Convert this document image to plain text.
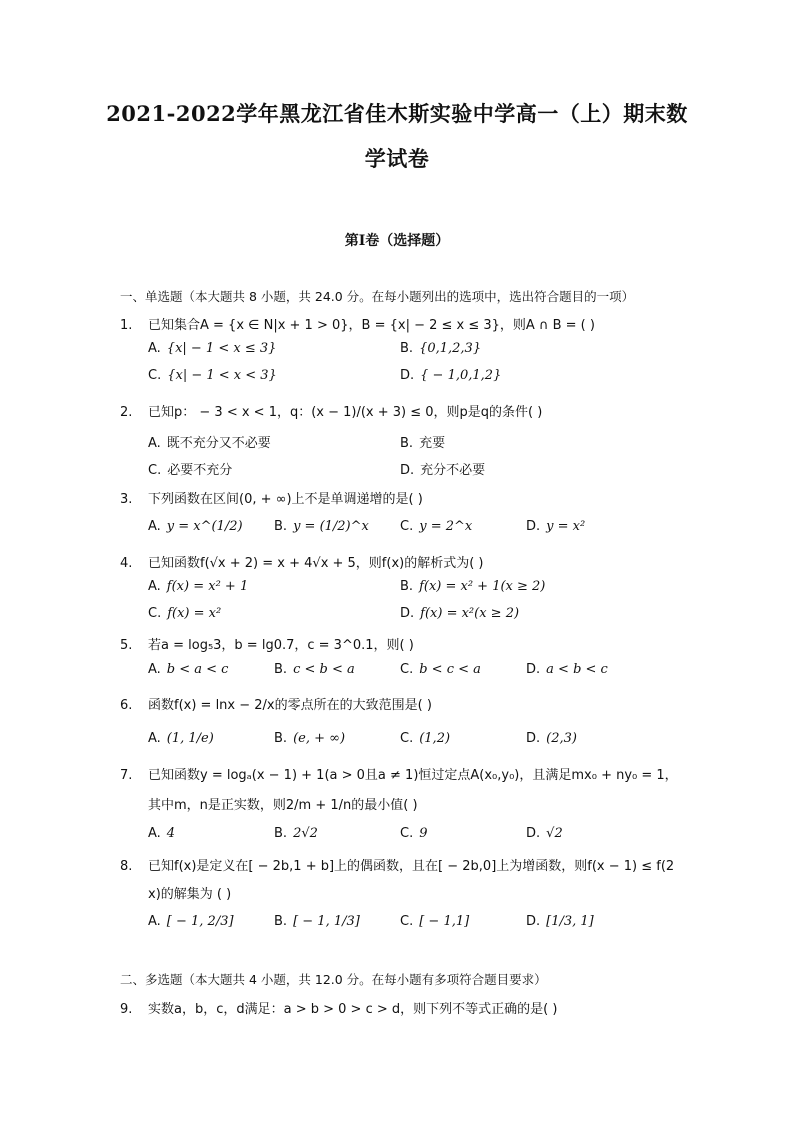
2021-2022学年黑龙江省佳木斯实验中学高一（上）期末数
学试卷
第Ⅰ卷（选择题）
一、单选题（本大题共 8 小题，共 24.0 分。在每小题列出的选项中，选出符合题目的一项）
1. 已知集合A = {x ∈ N|x + 1 > 0}，B = {x| − 2 ≤ x ≤ 3}，则A ∩ B = ( )
A. {x| − 1 < x ≤ 3}	B. {0,1,2,3}
C. {x| − 1 < x < 3}	D. { − 1,0,1,2}
2. 已知p： − 3 < x < 1，q：(x − 1)/(x + 3) ≤ 0，则p是q的条件( )
A. 既不充分又不必要	B. 充要
C. 必要不充分	D. 充分不必要
3. 下列函数在区间(0, + ∞)上不是单调递增的是( )
A. y = x^(1/2) B. y = (1/2)^x C. y = 2^x	D. y = x²
4. 已知函数f(√x + 2) = x + 4√x + 5，则f(x)的解析式为( )
A. f(x) = x² + 1	B. f(x) = x² + 1(x ≥ 2)
C. f(x) = x²	D. f(x) = x²(x ≥ 2)
5. 若a = log₅3，b = lg0.7，c = 3^0.1，则( )
A. b < a < c	B. c < b < a	C. b < c < a	D. a < b < c
6. 函数f(x) = lnx − 2/x的零点所在的大致范围是( )
A. (1, 1/e)	B. (e, + ∞)	C. (1,2)	D. (2,3)
7. 已知函数y = logₐ(x − 1) + 1(a > 0且a ≠ 1)恒过定点A(x₀,y₀)，且满足mx₀ + ny₀ = 1，
其中m，n是正实数，则2/m + 1/n的最小值( )
A. 4	B. 2√2	C. 9	D. √2
8. 已知f(x)是定义在[ − 2b,1 + b]上的偶函数，且在[ − 2b,0]上为增函数，则f(x − 1) ≤ f(2
x)的解集为 ( )
A. [ − 1, 2/3]	B. [ − 1, 1/3]	C. [ − 1,1]	D. [1/3, 1]
二、多选题（本大题共 4 小题，共 12.0 分。在每小题有多项符合题目要求）
9. 实数a，b，c，d满足：a > b > 0 > c > d，则下列不等式正确的是( )
